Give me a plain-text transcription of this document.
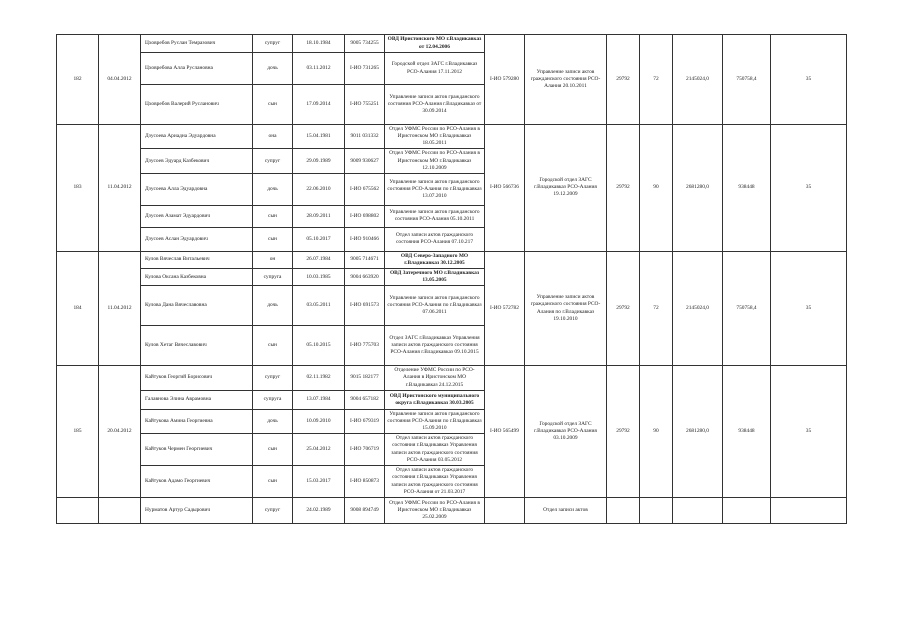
182	04.04.2012	Цховребов Руслан Темразович	супруг	18.10.1984	9005 734255	ОВД Иристонского МО г.Владикавказ от 12.04.2006	I-ИО 579280	Управление записи актов гражданского состояния РСО-Алания 20.10.2011	29792	72	2145024,0	750758,4	35
		Цховребова Алла Руслановна	дочь	03.11.2012	I-ИО 731265	Городской отдел ЗАГС г.Владикавказ РСО-Алания 17.11.2012							
		Цховребов Валерий Русланович	сын	17.09.2014	I-ИО 755251	Управление записи актов гражданского состояния РСО-Алания г.Владикавказ от 30.09.2014							
183	11.04.2012	Дзусоева Ариадна Эдуардовна	она	15.04.1981	9011 031332	Отдел УФМС России по РСО-Алания в Иристонском МО г.Владикавказ 18.05.2011	I-ИО 566736	Городской отдел ЗАГС г.Владикавказ РСО-Алания 19.12.2009	29792	90	2681280,0	938448	35
		Дзусоев Эдуард Казбекович	супруг	29.09.1989	9009 930627	Отдел УФМС России по РСО-Алания в Иристонском МО г.Владикавказ 12.10.2009							
		Дзусоева Алла Эдуардовна	дочь	22.06.2010	I-ИО 675562	Управление записи актов гражданского состояния РСО-Алания по г.Владикавказ 13.07.2010							
		Дзусоев Азамат Эдуардович	сын	28.09.2011	I-ИО 698802	Управление записи актов гражданского состояния РСО-Алания 05.10.2011							
		Дзусоев Аслан Эдуардович	сын	05.10.2017	I-ИО 910466	Отдел записи актов гражданского состояния РСО-Алания 07.10.217							
184	11.04.2012	Кулов Вячеслав Витальевич	он	26.07.1984	9005 714671	ОВД Северо-Западного МО г.Владикавказ 30.12.2005	I-ИО 572782	Управление записи актов гражданского состояния РСО-Алания по г.Владикавказ 19.10.2010	29792	72	2145024,0	750758,4	35
		Кулова Оксана Казбековна	супруга	10.03.1985	9004 663920	ОВД Затеречного МО г.Владикавказ 13.05.2005							
		Кулова Дана Вячеславовна	дочь	03.05.2011	I-ИО 691573	Управление записи актов гражданского состояния РСО-Алания по г.Владикавказ 07.06.2011							
		Кулов Хетаг Вячеславович	сын	05.10.2015	I-ИО 775703	Отдел ЗАГС г.Владикавказ Управления записи актов гражданского состояния РСО-Алания г.Владикавказ 09.10.2015							
185	20.04.2012	Кайтуков Георгий Борисович	супруг	02.11.1982	9015 182177	Отделение УФМС России по РСО-Алания в Иристонском МО г.Владикавказ 24.12.2015	I-ИО 565499	Городской отдел ЗАГС г.Владикавказ РСО-Алания 03.10.2009	29792	90	2681280,0	938448	35
		Галавнова Элина Аврамовна	супруга	13.07.1984	9004 657182	ОВД Иристонского муниципального округа г.Владикавказ 30.03.2005							
		Кайтукова Амина Георгиевна	дочь	10.09.2010	I-ИО 679319	Управление записи актов гражданского состояния РСО-Алания по г.Владикавказ 15.09.2010							
		Кайтуков Чермен Георгиевич	сын	25.04.2012	I-ИО 706719	Отдел записи актов гражданского состояния г.Владикавказ Управления записи актов гражданского состояния РСО-Алания 03.05.2012							
		Кайтуков Адамо Георгиевич	сын	15.03.2017	I-ИО 850873	Отдел записи актов гражданского состояния г.Владикавказ Управления записи актов гражданского состояния РСО-Алания от 21.03.2017							
		Нурматов Артур Садырович	супруг	24.02.1989	9008 894749	Отдел УФМС России по РСО-Алания в Иристонском МО г.Владикавказ 25.02.2009		Отдел записи актов					
